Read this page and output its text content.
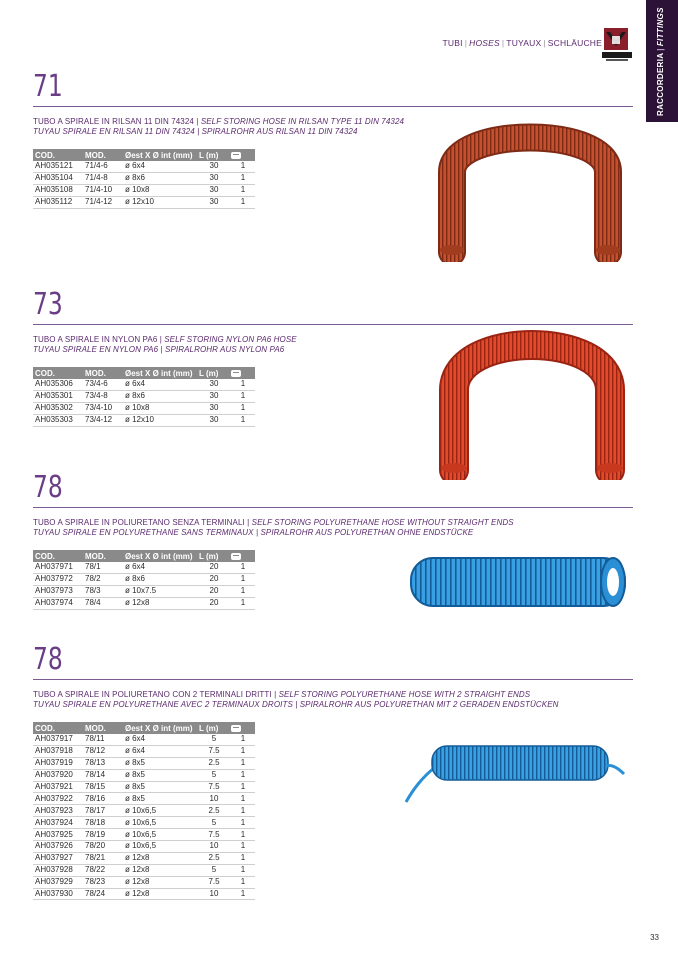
TUBI | HOSES | TUYAUX | SCHLÄUCHE
RACCORDERIA|FITTINGS
71
TUBO A SPIRALE IN RILSAN 11 DIN 74324 | SELF STORING HOSE IN RILSAN TYPE 11 DIN 74324
TUYAU SPIRALE EN RILSAN 11 DIN 74324 | SPIRALROHR AUS RILSAN 11 DIN 74324
COD.	MOD.	Øest X Ø int (mm)	L (m)	
AH035121	71/4-6	ø 6x4	30	1
AH035104	71/4-8	ø 8x6	30	1
AH035108	71/4-10	ø 10x8	30	1
AH035112	71/4-12	ø 12x10	30	1
73
TUBO A SPIRALE IN NYLON PA6 | SELF STORING NYLON PA6 HOSE
TUYAU SPIRALE EN NYLON PA6 | SPIRALROHR AUS NYLON PA6
COD.	MOD.	Øest X Ø int (mm)	L (m)	
AH035306	73/4-6	ø 6x4	30	1
AH035301	73/4-8	ø 8x6	30	1
AH035302	73/4-10	ø 10x8	30	1
AH035303	73/4-12	ø 12x10	30	1
78
TUBO A SPIRALE IN POLIURETANO SENZA TERMINALI | SELF STORING POLYURETHANE HOSE WITHOUT STRAIGHT ENDS
TUYAU SPIRALE EN POLYURETHANE SANS TERMINAUX | SPIRALROHR AUS POLYURETHAN OHNE ENDSTÜCKE
COD.	MOD.	Øest X Ø int (mm)	L (m)	
AH037971	78/1	ø 6x4	20	1
AH037972	78/2	ø 8x6	20	1
AH037973	78/3	ø 10x7.5	20	1
AH037974	78/4	ø 12x8	20	1
78
TUBO A SPIRALE IN POLIURETANO CON 2 TERMINALI DRITTI | SELF STORING POLYURETHANE HOSE WITH 2 STRAIGHT ENDS
TUYAU SPIRALE EN POLYURETHANE AVEC 2 TERMINAUX DROITS | SPIRALROHR AUS POLYURETHAN MIT 2 GERADEN ENDSTÜCKEN
COD.	MOD.	Øest X Ø int (mm)	L (m)	
AH037917	78/11	ø 6x4	5	1
AH037918	78/12	ø 6x4	7.5	1
AH037919	78/13	ø 8x5	2.5	1
AH037920	78/14	ø 8x5	5	1
AH037921	78/15	ø 8x5	7.5	1
AH037922	78/16	ø 8x5	10	1
AH037923	78/17	ø 10x6,5	2.5	1
AH037924	78/18	ø 10x6,5	5	1
AH037925	78/19	ø 10x6,5	7.5	1
AH037926	78/20	ø 10x6,5	10	1
AH037927	78/21	ø 12x8	2.5	1
AH037928	78/22	ø 12x8	5	1
AH037929	78/23	ø 12x8	7.5	1
AH037930	78/24	ø 12x8	10	1
33
